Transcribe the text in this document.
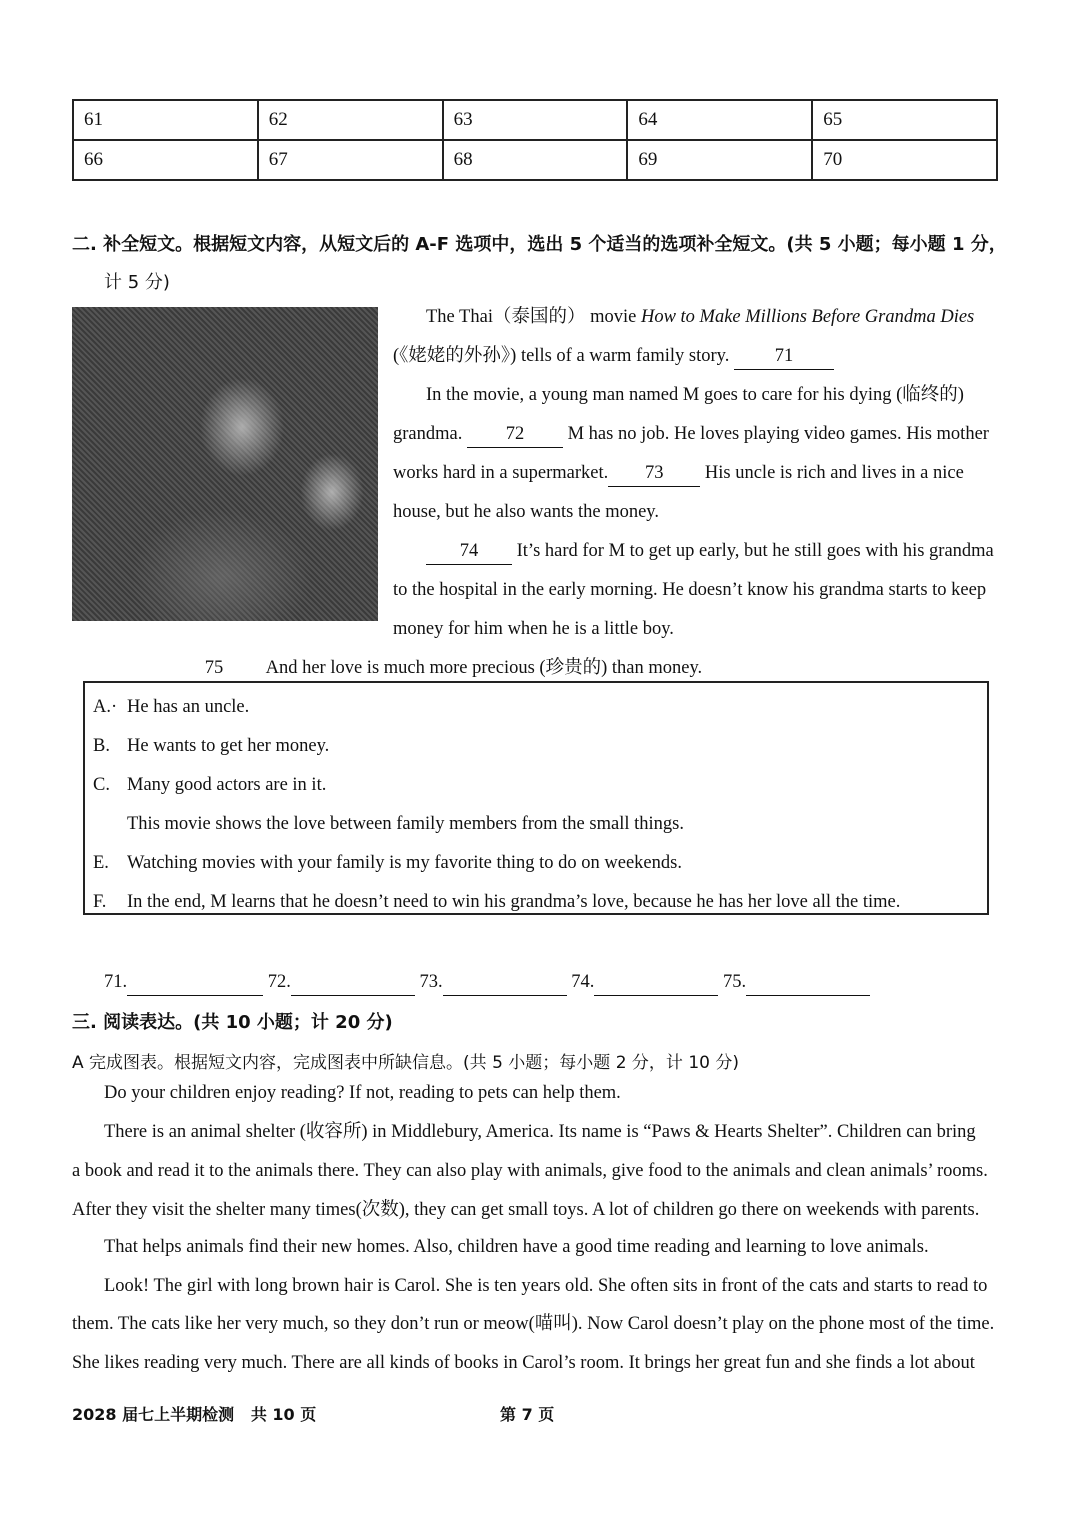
61	62	63	64	65
66	67	68	69	70
二. 补全短文。根据短文内容，从短文后的 A-F 选项中，选出 5 个适当的选项补全短文。(共 5 小题；每小题 1 分，
计 5 分)
The Thai（泰国的） movie How to Make Millions Before Grandma Dies
(《姥姥的外孙》) tells of a warm family story. 71
In the movie, a young man named M goes to care for his dying (临终的)
grandma. 72 M has no job. He loves playing video games. His mother
works hard in a supermarket. 73 His uncle is rich and lives in a nice
house, but he also wants the money.
74 It’s hard for M to get up early, but he still goes with his grandma
to the hospital in the early morning. He doesn’t know his grandma starts to keep
money for him when he is a little boy.
75 And her love is much more precious (珍贵的) than money.
A.· He has an uncle.
B. He wants to get her money.
C. Many good actors are in it.
This movie shows the love between family members from the small things.
E. Watching movies with your family is my favorite thing to do on weekends.
F. In the end, M learns that he doesn’t need to win his grandma’s love, because he has her love all the time.
71.	72.	73.	74.	75.
三. 阅读表达。(共 10 小题；计 20 分)
A 完成图表。根据短文内容，完成图表中所缺信息。(共 5 小题；每小题 2 分，计 10 分)
Do your children enjoy reading? If not, reading to pets can help them.
There is an animal shelter (收容所) in Middlebury, America. Its name is “Paws & Hearts Shelter”. Children can bring
a book and read it to the animals there. They can also play with animals, give food to the animals and clean animals’ rooms.
After they visit the shelter many times(次数), they can get small toys. A lot of children go there on weekends with parents.
That helps animals find their new homes. Also, children have a good time reading and learning to love animals.
Look! The girl with long brown hair is Carol. She is ten years old. She often sits in front of the cats and starts to read to
them. The cats like her very much, so they don’t run or meow(喵叫). Now Carol doesn’t play on the phone most of the time.
She likes reading very much. There are all kinds of books in Carol’s room. It brings her great fun and she finds a lot about
2028 届七上半期检测   共 10 页	第 7 页
